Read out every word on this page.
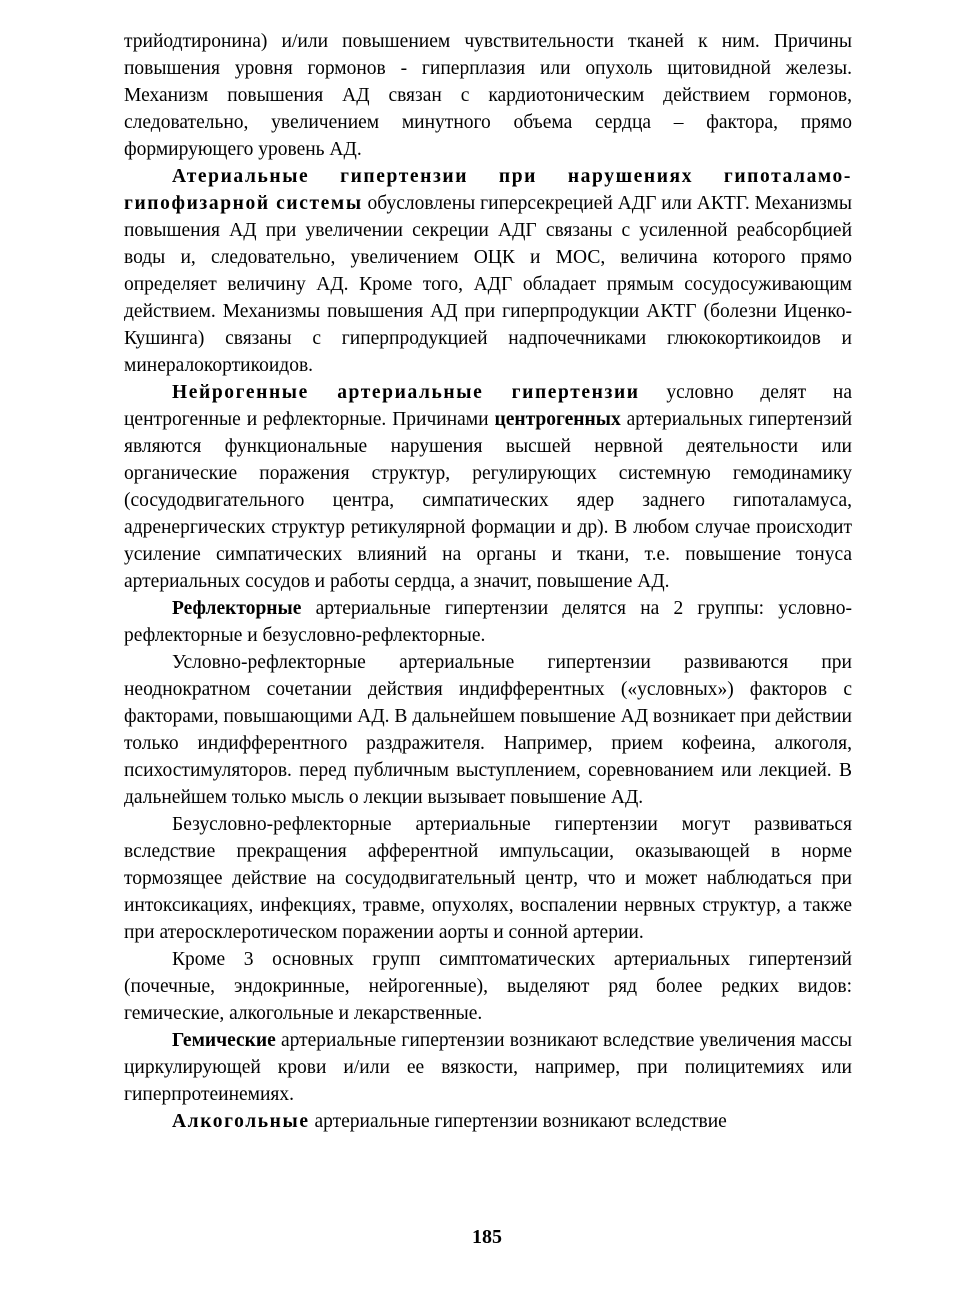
трийодтиронина) и/или повышением чувствительности тканей к ним. Причины повышения уровня гормонов - гиперплазия или опухоль щитовидной железы. Механизм повышения АД связан с кардиотоническим действием гормонов, следовательно, увеличением минутного объема сердца – фактора, прямо формирующего уровень АД.

Атериальные гипертензии при нарушениях гипоталамо-гипофизарной системы обусловлены гиперсекрецией АДГ или АКТГ. Механизмы повышения АД при увеличении секреции АДГ связаны с усиленной реабсорбцией воды и, следовательно, увеличением ОЦК и МОС, величина которого прямо определяет величину АД. Кроме того, АДГ обладает прямым сосудосуживающим действием. Механизмы повышения АД при гиперпродукции АКТГ (болезни Иценко-Кушинга) связаны с гиперпродукцией надпочечниками глюкокортикоидов и минералокортикоидов.

Нейрогенные артериальные гипертензии условно делят на центрогенные и рефлекторные. Причинами центрогенных артериальных гипертензий являются функциональные нарушения высшей нервной деятельности или органические поражения структур, регулирующих системную гемодинамику (сосудодвигательного центра, симпатических ядер заднего гипоталамуса, адренергических структур ретикулярной формации и др). В любом случае происходит усиление симпатических влияний на органы и ткани, т.е. повышение тонуса артериальных сосудов и работы сердца, а значит, повышение АД.

Рефлекторные артериальные гипертензии делятся на 2 группы: условно-рефлекторные и безусловно-рефлекторные.

Условно-рефлекторные артериальные гипертензии развиваются при неоднократном сочетании действия индифферентных («условных») факторов с факторами, повышающими АД. В дальнейшем повышение АД возникает при действии только индифферентного раздражителя. Например, прием кофеина, алкоголя, психостимуляторов. перед публичным выступлением, соревнованием или лекцией. В дальнейшем только мысль о лекции вызывает повышение АД.

Безусловно-рефлекторные артериальные гипертензии могут развиваться вследствие прекращения афферентной импульсации, оказывающей в норме тормозящее действие на сосудодвигательный центр, что и может наблюдаться при интоксикациях, инфекциях, травме, опухолях, воспалении нервных структур, а также при атеросклеротическом поражении аорты и сонной артерии.

Кроме 3 основных групп симптоматических артериальных гипертензий (почечные, эндокринные, нейрогенные), выделяют ряд более редких видов: гемические, алкогольные и лекарственные.

Гемические артериальные гипертензии возникают вследствие увеличения массы циркулирующей крови и/или ее вязкости, например, при полицитемиях или гиперпротеинемиях.

Алкогольные артериальные гипертензии возникают вследствие

185
